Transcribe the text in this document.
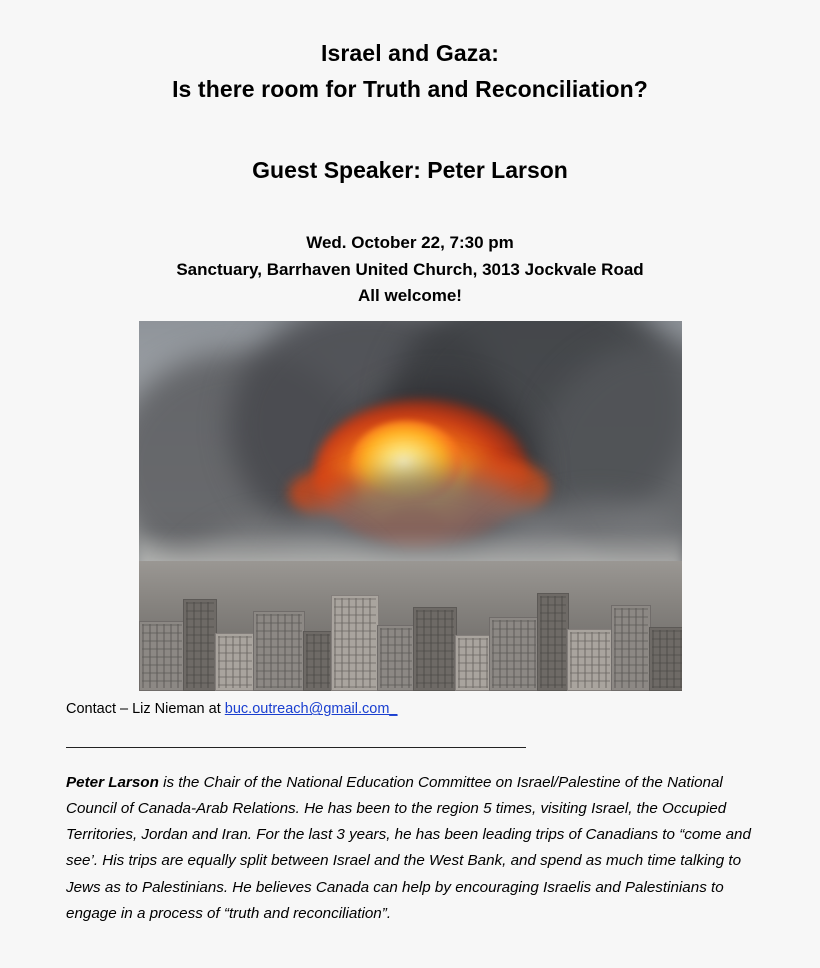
Israel and Gaza:
Is there room for Truth and Reconciliation?
Guest Speaker: Peter Larson
Wed. October 22, 7:30 pm
Sanctuary, Barrhaven United Church, 3013 Jockvale Road
All welcome!
Contact – Liz Nieman at buc.outreach@gmail.com_
Peter Larson is the Chair of the National Education Committee on Israel/Palestine of the National Council of Canada-Arab Relations. He has been to the region 5 times, visiting Israel, the Occupied Territories, Jordan and Iran. For the last 3 years, he has been leading trips of Canadians to “come and see’. His trips are equally split between Israel and the West Bank, and spend as much time talking to Jews as to Palestinians. He believes Canada can help by encouraging Israelis and Palestinians to engage in a process of “truth and reconciliation”.
